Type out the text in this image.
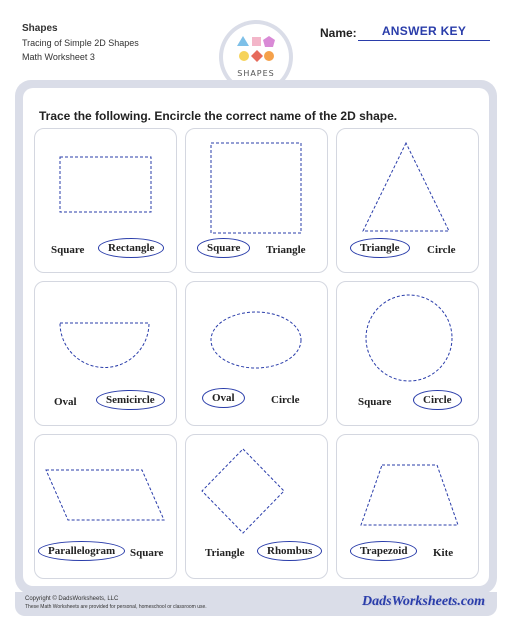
Shapes

Tracing of Simple 2D Shapes
Math Worksheet 3
SHAPES
Name:	ANSWER KEY
Trace the following. Encircle the correct name of the 2D shape.
Square	Rectangle	Square	Triangle	Triangle	Circle
Oval	Semicircle	Oval	Circle	Square	Circle
Parallelogram	Square	Triangle	Rhombus	Trapezoid	Kite
Copyright © DadsWorksheets, LLC
These Math Worksheets are provided for personal, homeschool or classroom use.	DadsWorksheets.com
